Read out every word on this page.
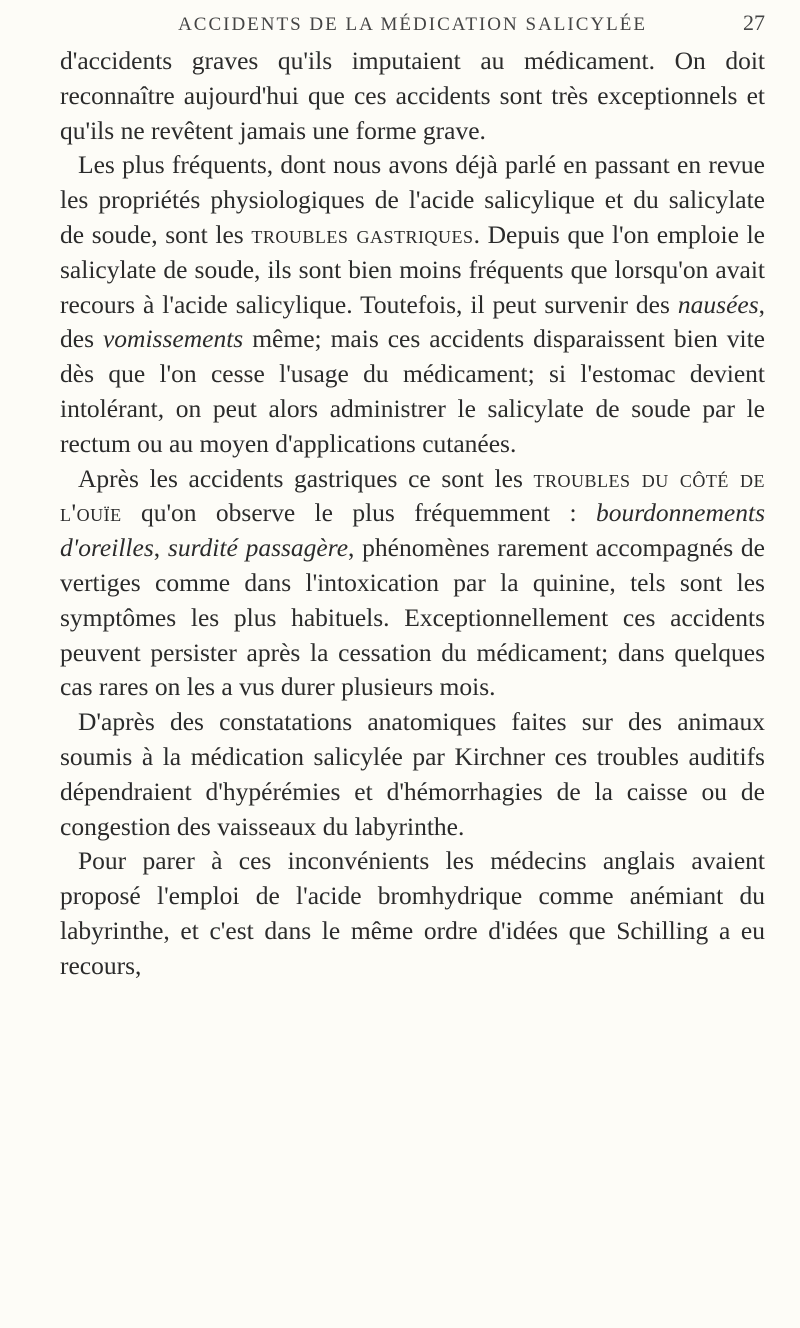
ACCIDENTS DE LA MÉDICATION SALICYLÉE	27

d'accidents graves qu'ils imputaient au médicament. On doit reconnaître aujourd'hui que ces accidents sont très exceptionnels et qu'ils ne revêtent jamais une forme grave.

Les plus fréquents, dont nous avons déjà parlé en passant en revue les propriétés physiologiques de l'acide salicylique et du salicylate de soude, sont les troubles gastriques. Depuis que l'on emploie le salicylate de soude, ils sont bien moins fréquents que lorsqu'on avait recours à l'acide salicylique. Toutefois, il peut survenir des nausées, des vomissements même; mais ces accidents disparaissent bien vite dès que l'on cesse l'usage du médicament; si l'estomac devient intolérant, on peut alors administrer le salicylate de soude par le rectum ou au moyen d'applications cutanées.

Après les accidents gastriques ce sont les troubles du côté de l'ouïe qu'on observe le plus fréquemment : bourdonnements d'oreilles, surdité passagère, phénomènes rarement accompagnés de vertiges comme dans l'intoxication par la quinine, tels sont les symptômes les plus habituels. Exceptionnellement ces accidents peuvent persister après la cessation du médicament; dans quelques cas rares on les a vus durer plusieurs mois.

D'après des constatations anatomiques faites sur des animaux soumis à la médication salicylée par Kirchner ces troubles auditifs dépendraient d'hypérémies et d'hémorrhagies de la caisse ou de congestion des vaisseaux du labyrinthe.

Pour parer à ces inconvénients les médecins anglais avaient proposé l'emploi de l'acide bromhydrique comme anémiant du labyrinthe, et c'est dans le même ordre d'idées que Schilling a eu recours,
